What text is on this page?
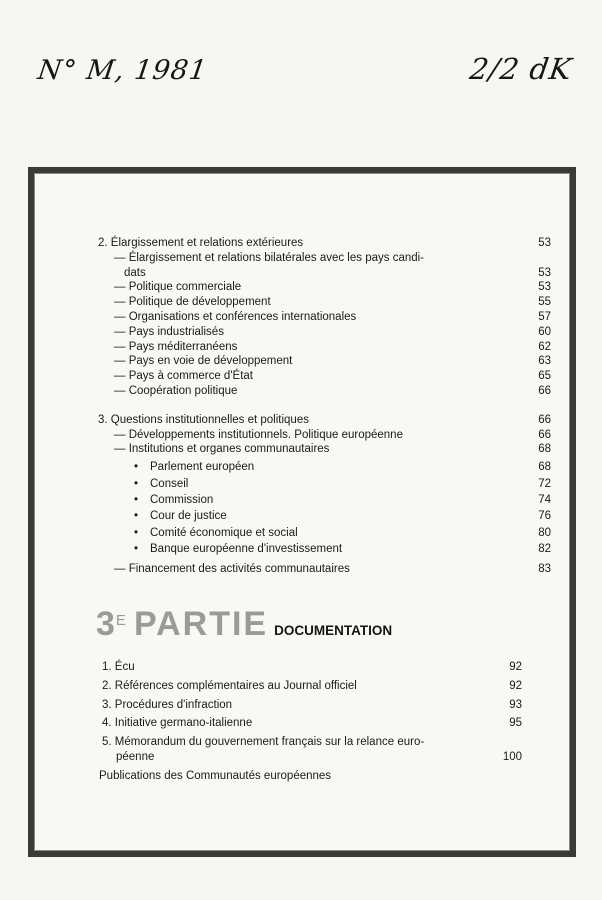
N° M, 1981	2/2 dK
2. Élargissement et relations extérieures	53
— Élargissement et relations bilatérales avec les pays candi-
dats	53
— Politique commerciale	53
— Politique de développement	55
— Organisations et conférences internationales	57
— Pays industrialisés	60
— Pays méditerranéens	62
— Pays en voie de développement	63
— Pays à commerce d'État	65
— Coopération politique	66
3. Questions institutionnelles et politiques	66
— Développements institutionnels. Politique européenne	66
— Institutions et organes communautaires	68
• Parlement européen	68
• Conseil	72
• Commission	74
• Cour de justice	76
• Comité économique et social	80
• Banque européenne d'investissement	82
— Financement des activités communautaires	83
3 E PARTIE DOCUMENTATION
1. Écu	92
2. Références complémentaires au Journal officiel	92
3. Procédures d'infraction	93
4. Initiative germano-italienne	95
5. Mémorandum du gouvernement français sur la relance euro-
péenne	100
Publications des Communautés européennes
